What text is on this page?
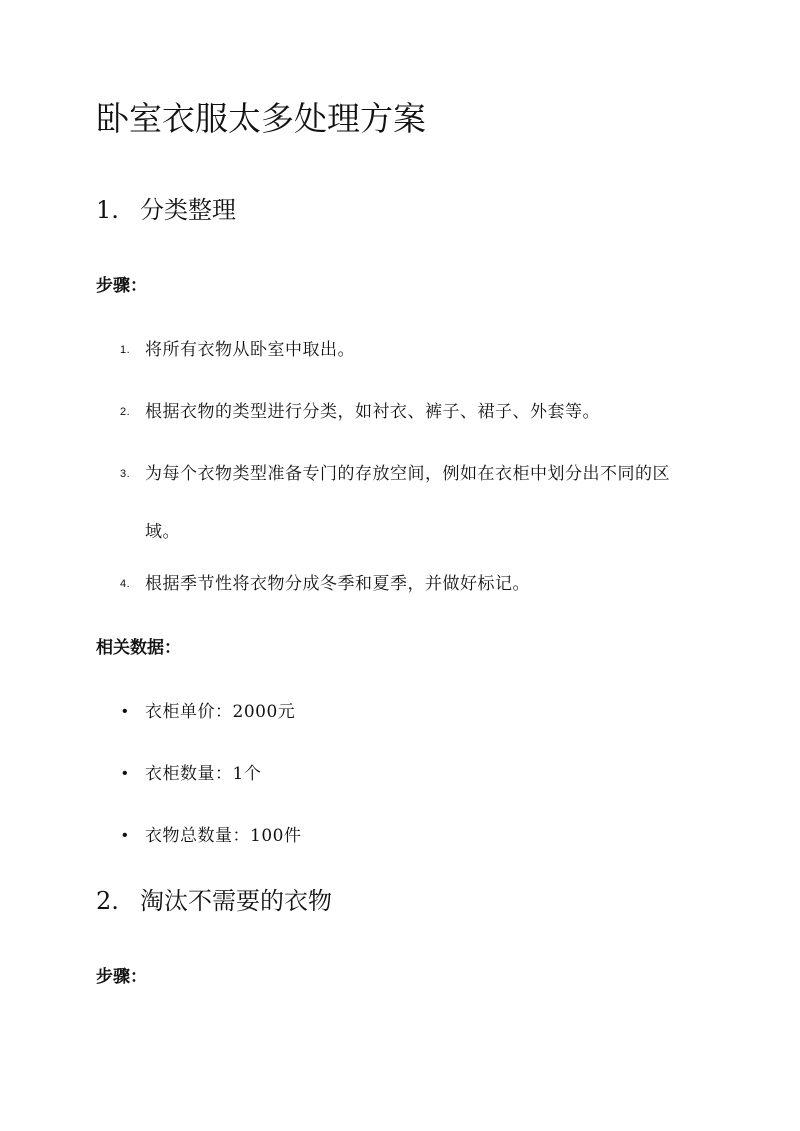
卧室衣服太多处理方案
1. 分类整理
步骤：
1. 将所有衣物从卧室中取出。
2. 根据衣物的类型进行分类，如衬衣、裤子、裙子、外套等。
3. 为每个衣物类型准备专门的存放空间，例如在衣柜中划分出不同的区域。
4. 根据季节性将衣物分成冬季和夏季，并做好标记。
相关数据：
• 衣柜单价：2000元
• 衣柜数量：1个
• 衣物总数量：100件
2. 淘汰不需要的衣物
步骤：
